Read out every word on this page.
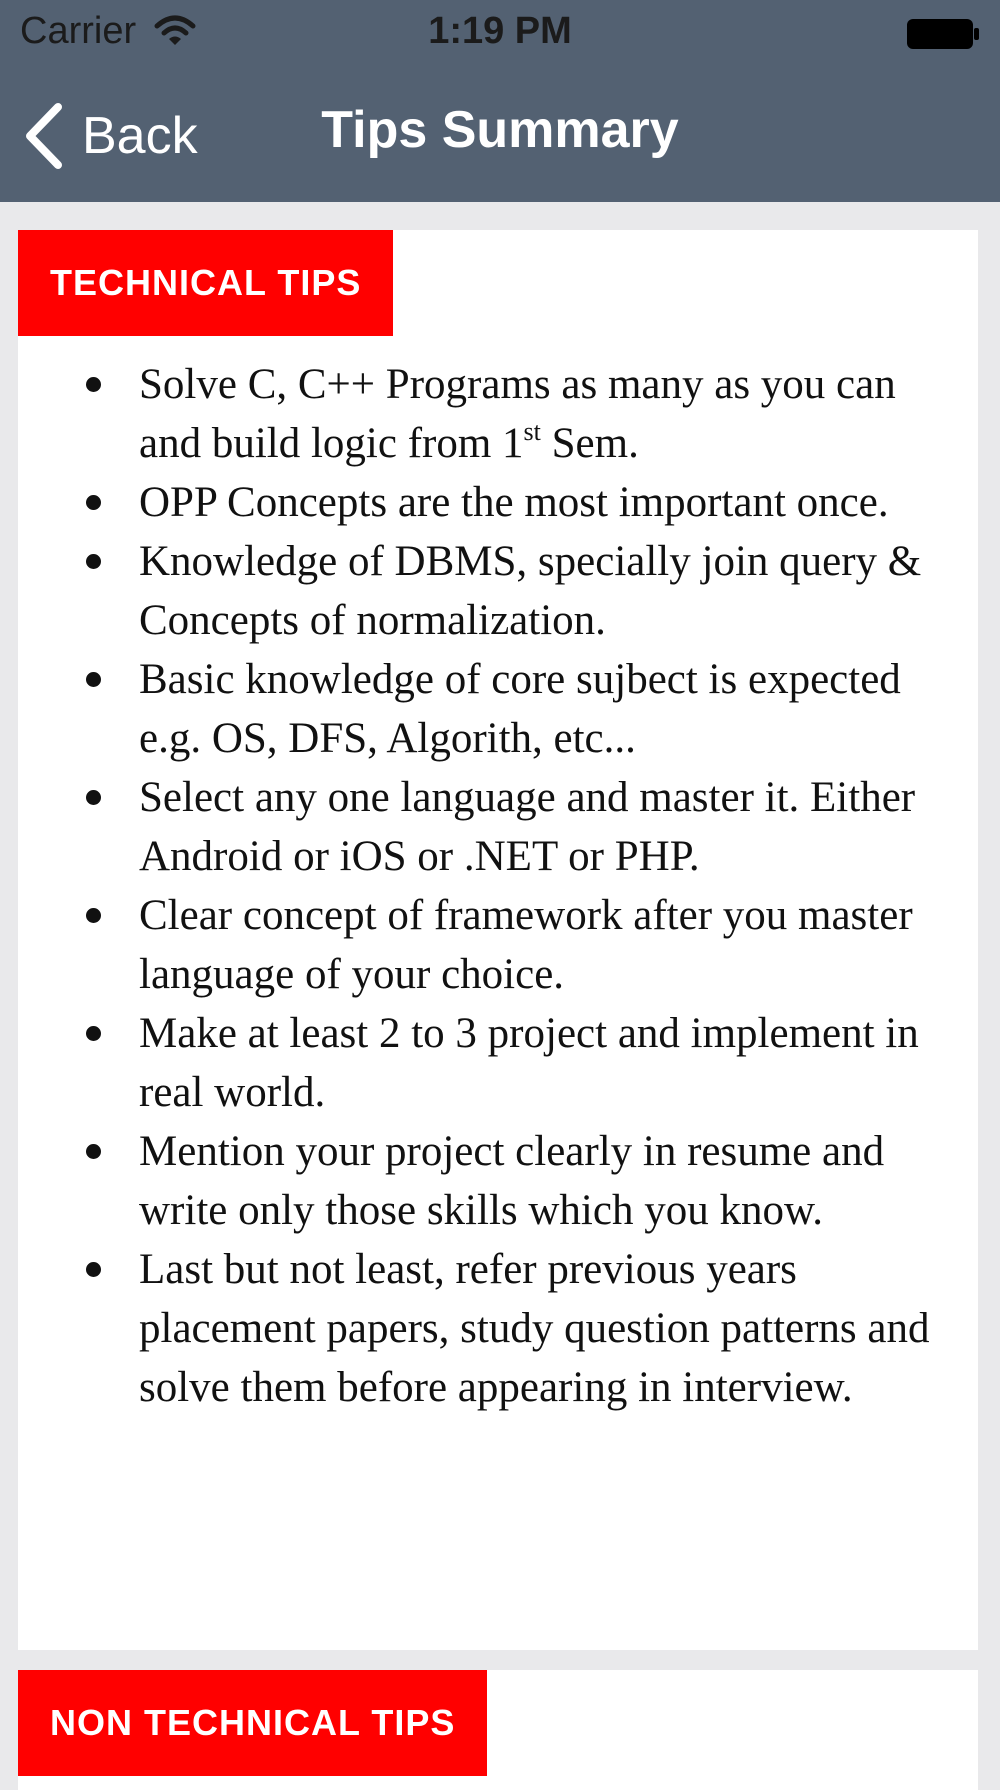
Carrier	1:19 PM
Back	Tips Summary
TECHNICAL TIPS
Solve C, C++ Programs as many as you can and build logic from 1st Sem.
OPP Concepts are the most important once.
Knowledge of DBMS, specially join query & Concepts of normalization.
Basic knowledge of core sujbect is expected e.g. OS, DFS, Algorith, etc...
Select any one language and master it. Either Android or iOS or .NET or PHP.
Clear concept of framework after you master language of your choice.
Make at least 2 to 3 project and implement in real world.
Mention your project clearly in resume and write only those skills which you know.
Last but not least, refer previous years placement papers, study question patterns and solve them before appearing in interview.
NON TECHNICAL TIPS
